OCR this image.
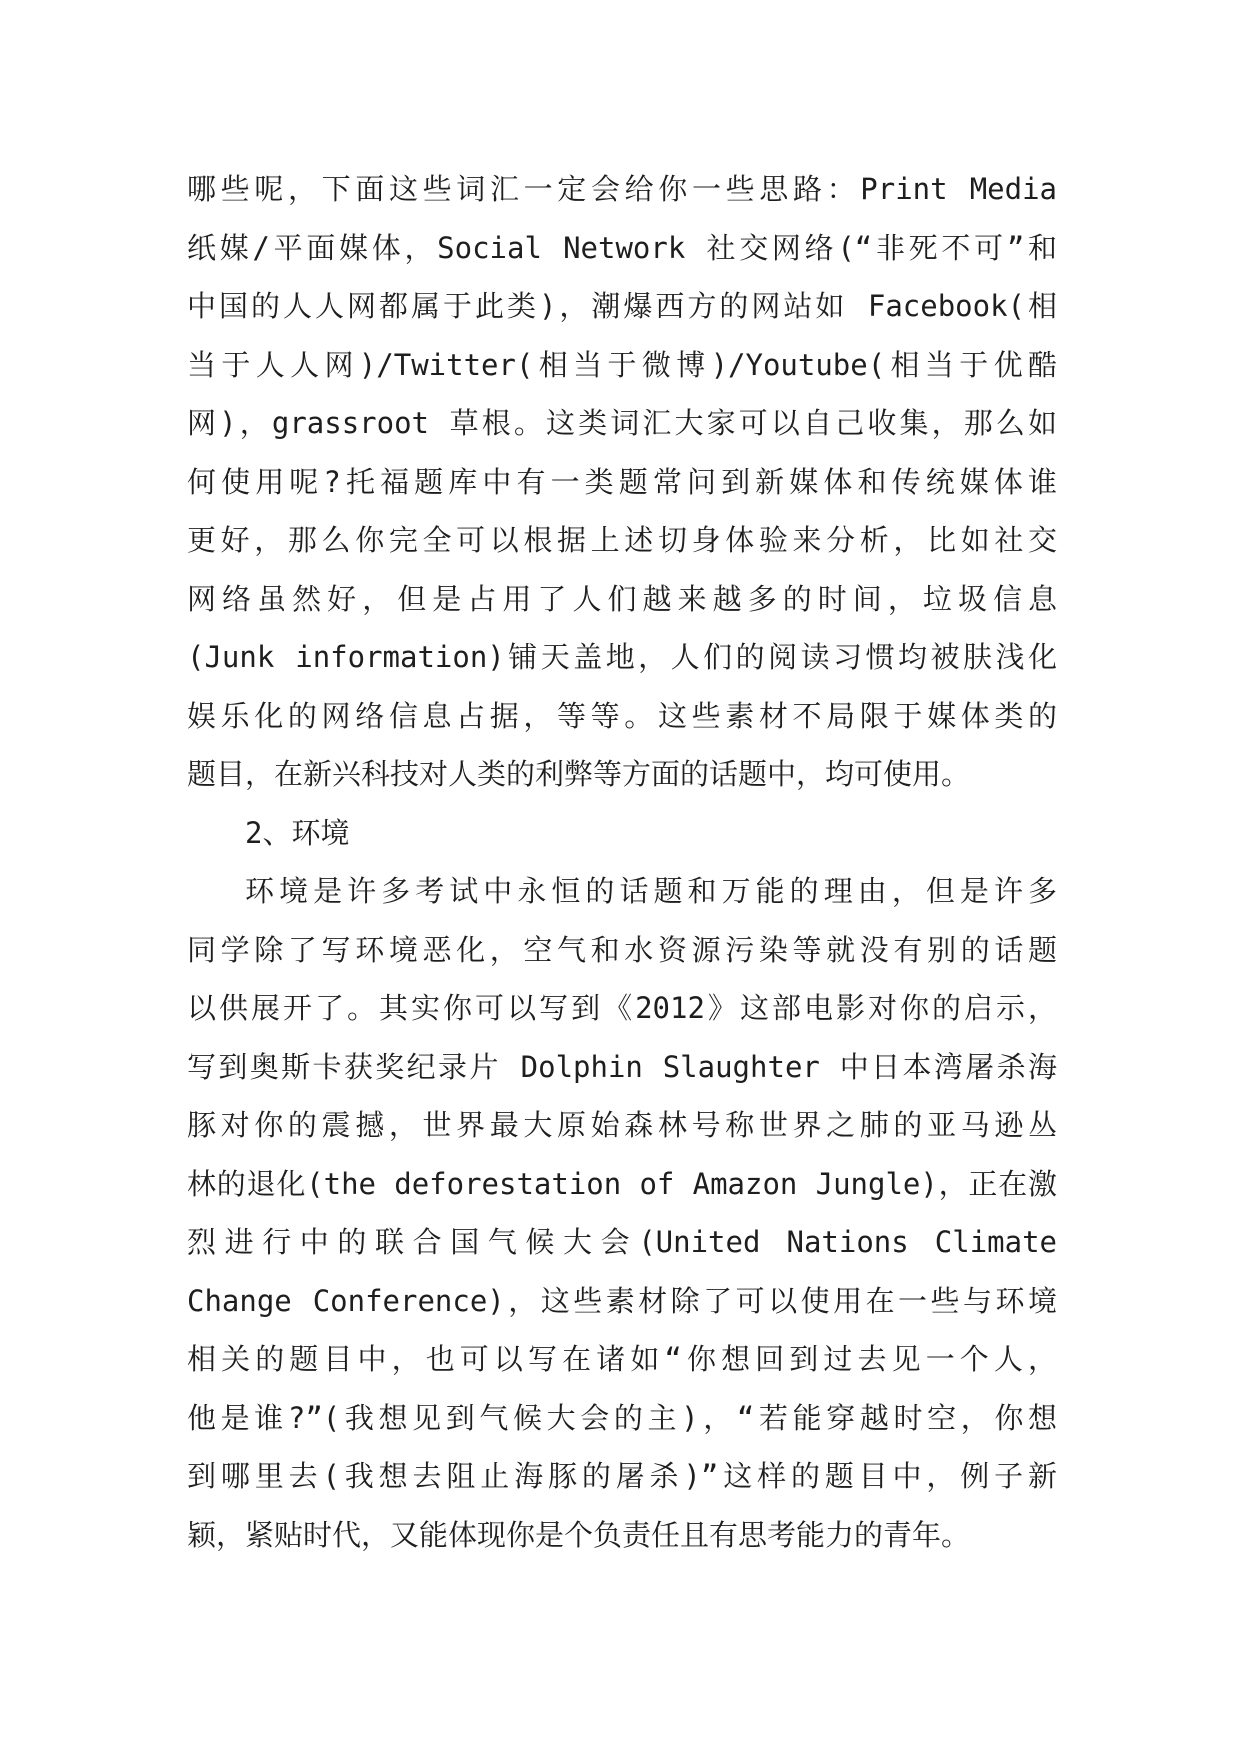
哪些呢，下面这些词汇一定会给你一些思路：Print Media
纸媒/平面媒体，Social Network 社交网络(“非死不可”和
中国的人人网都属于此类)，潮爆西方的网站如 Facebook(相
当于人人网)/Twitter(相当于微博)/Youtube(相当于优酷
网)，grassroot 草根。这类词汇大家可以自己收集，那么如
何使用呢?托福题库中有一类题常问到新媒体和传统媒体谁
更好，那么你完全可以根据上述切身体验来分析，比如社交
网络虽然好，但是占用了人们越来越多的时间，垃圾信息
(Junk information)铺天盖地，人们的阅读习惯均被肤浅化
娱乐化的网络信息占据，等等。这些素材不局限于媒体类的
题目，在新兴科技对人类的利弊等方面的话题中，均可使用。
2、环境
环境是许多考试中永恒的话题和万能的理由，但是许多
同学除了写环境恶化，空气和水资源污染等就没有别的话题
以供展开了。其实你可以写到《2012》这部电影对你的启示，
写到奥斯卡获奖纪录片 Dolphin Slaughter 中日本湾屠杀海
豚对你的震撼，世界最大原始森林号称世界之肺的亚马逊丛
林的退化(the deforestation of Amazon Jungle)，正在激
烈进行中的联合国气候大会(United Nations Climate
Change Conference)，这些素材除了可以使用在一些与环境
相关的题目中，也可以写在诸如“你想回到过去见一个人，
他是谁?”(我想见到气候大会的主)，“若能穿越时空，你想
到哪里去(我想去阻止海豚的屠杀)”这样的题目中，例子新
颖，紧贴时代，又能体现你是个负责任且有思考能力的青年。
